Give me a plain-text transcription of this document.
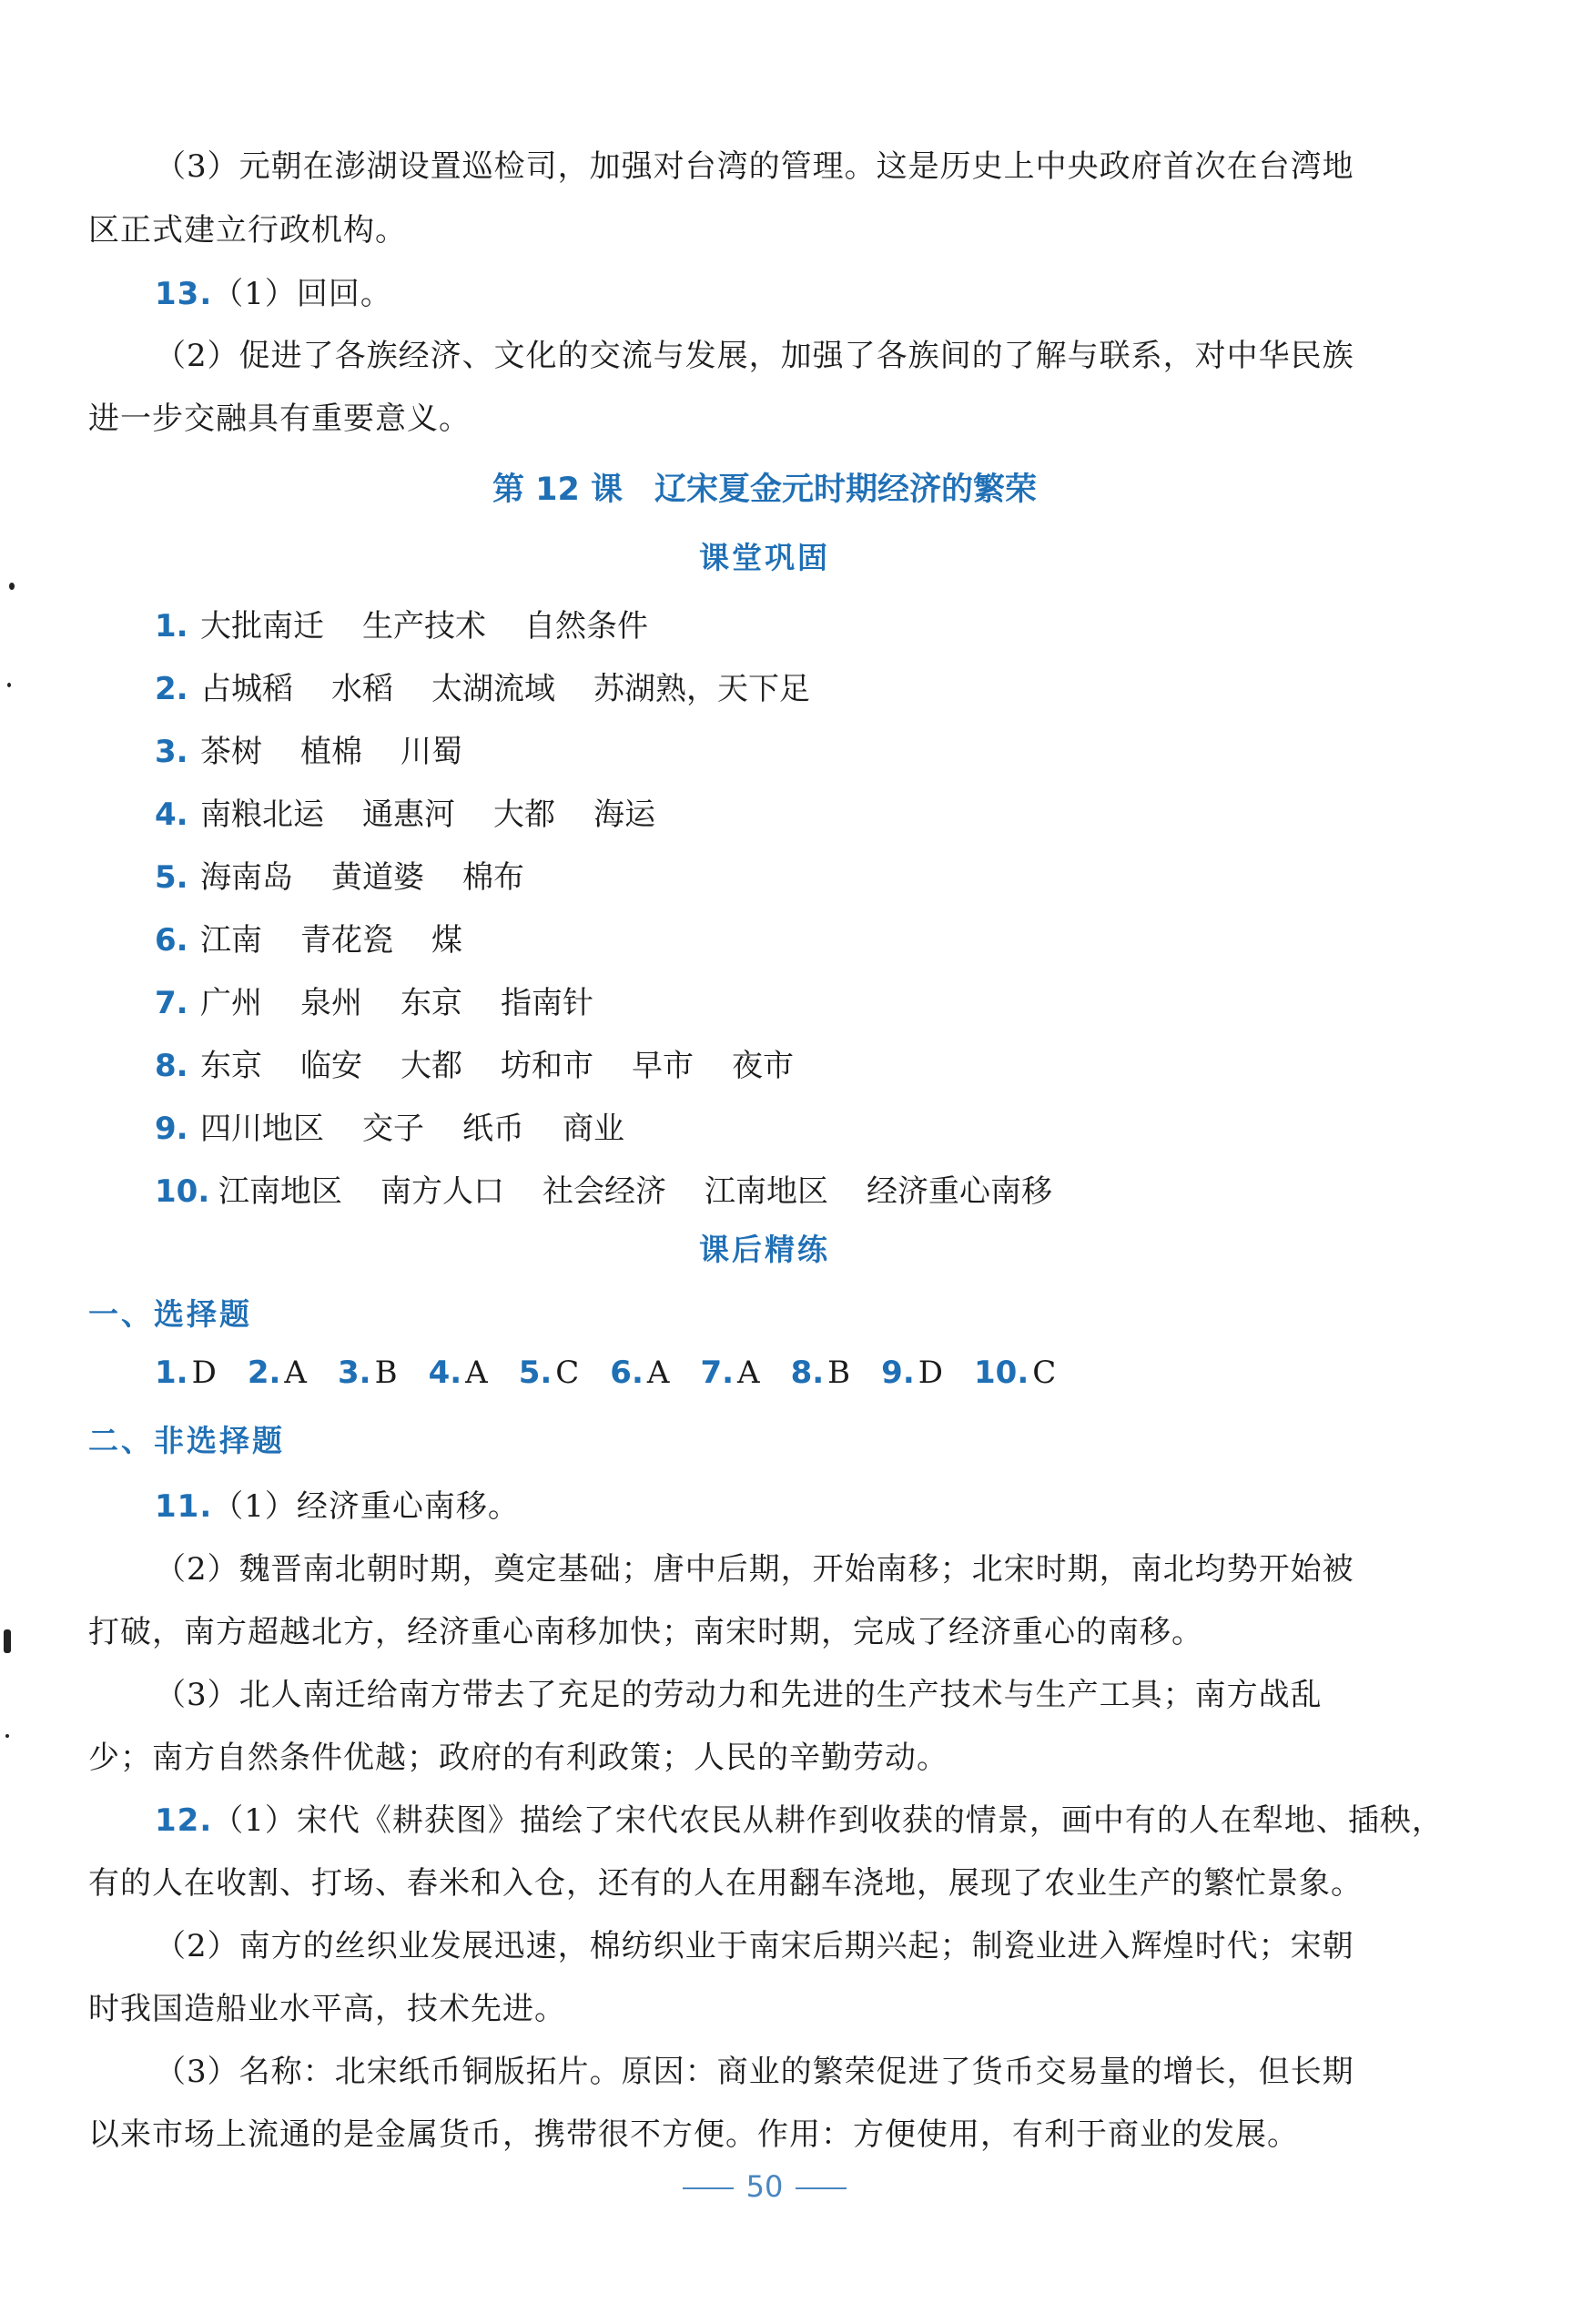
（3）元朝在澎湖设置巡检司，加强对台湾的管理。这是历史上中央政府首次在台湾地
区正式建立行政机构。
13.（1）回回。
（2）促进了各族经济、文化的交流与发展，加强了各族间的了解与联系，对中华民族
进一步交融具有重要意义。
第 12 课　辽宋夏金元时期经济的繁荣
课堂巩固
1. 大批南迁 生产技术 自然条件
2. 占城稻 水稻 太湖流域 苏湖熟，天下足
3. 茶树 植棉 川蜀
4. 南粮北运 通惠河 大都 海运
5. 海南岛 黄道婆 棉布
6. 江南 青花瓷 煤
7. 广州 泉州 东京 指南针
8. 东京 临安 大都 坊和市 早市 夜市
9. 四川地区 交子 纸币 商业
10. 江南地区 南方人口 社会经济 江南地区 经济重心南移
课后精练
一、选择题
1. D 2. A 3. B 4. A 5. C 6. A 7. A 8. B 9. D 10. C
二、非选择题
11.（1）经济重心南移。
（2）魏晋南北朝时期，奠定基础；唐中后期，开始南移；北宋时期，南北均势开始被
打破，南方超越北方，经济重心南移加快；南宋时期，完成了经济重心的南移。
（3）北人南迁给南方带去了充足的劳动力和先进的生产技术与生产工具；南方战乱
少；南方自然条件优越；政府的有利政策；人民的辛勤劳动。
12.（1）宋代《耕获图》描绘了宋代农民从耕作到收获的情景，画中有的人在犁地、插秧，
有的人在收割、打场、舂米和入仓，还有的人在用翻车浇地，展现了农业生产的繁忙景象。
（2）南方的丝织业发展迅速，棉纺织业于南宋后期兴起；制瓷业进入辉煌时代；宋朝
时我国造船业水平高，技术先进。
（3）名称：北宋纸币铜版拓片。原因：商业的繁荣促进了货币交易量的增长，但长期
以来市场上流通的是金属货币，携带很不方便。作用：方便使用，有利于商业的发展。
50
